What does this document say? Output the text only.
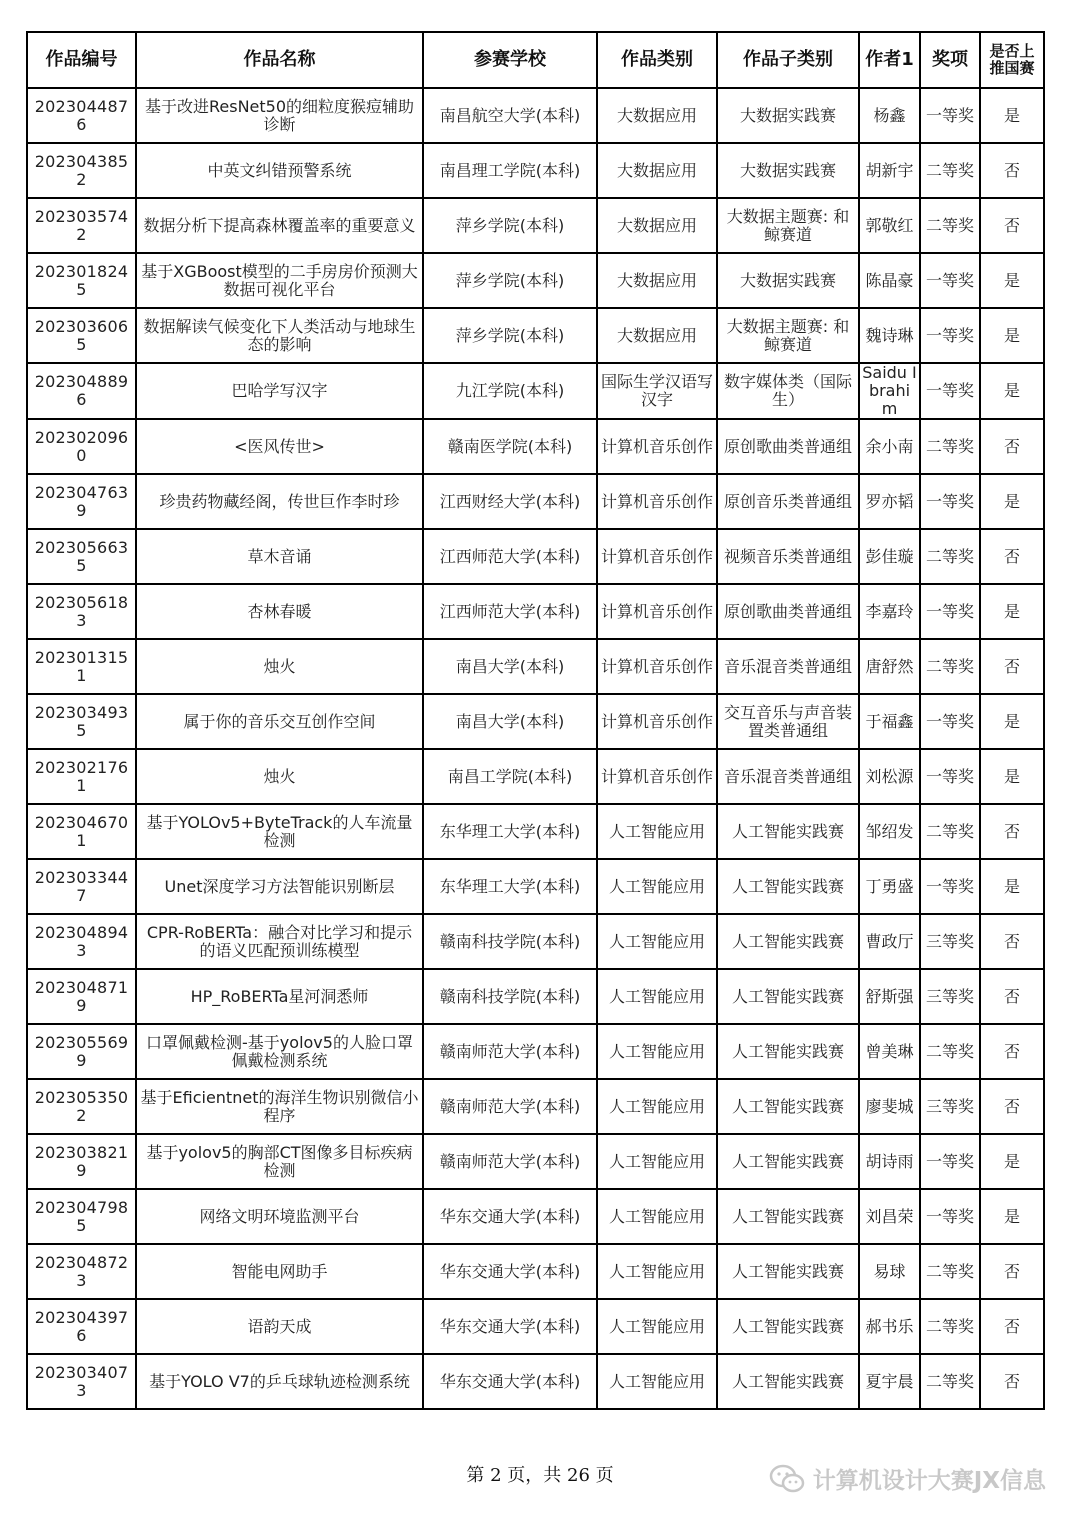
作品编号	作品名称	参赛学校	作品类别	作品子类别	作者1	奖项	是否上推国赛
2023044876	基于改进ResNet50的细粒度猴痘辅助诊断	南昌航空大学(本科)	大数据应用	大数据实践赛	杨鑫	一等奖	是
2023043852	中英文纠错预警系统	南昌理工学院(本科)	大数据应用	大数据实践赛	胡新宇	二等奖	否
2023035742	数据分析下提高森林覆盖率的重要意义	萍乡学院(本科)	大数据应用	大数据主题赛: 和鲸赛道	郭敬红	二等奖	否
2023018245	基于XGBoost模型的二手房房价预测大数据可视化平台	萍乡学院(本科)	大数据应用	大数据实践赛	陈晶豪	一等奖	是
2023036065	数据解读气候变化下人类活动与地球生态的影响	萍乡学院(本科)	大数据应用	大数据主题赛: 和鲸赛道	魏诗琳	一等奖	是
2023048896	巴哈学写汉字	九江学院(本科)	国际生学汉语写汉字	数字媒体类（国际生）	Saidu Ibrahim	一等奖	是
2023020960	<医风传世>	赣南医学院(本科)	计算机音乐创作	原创歌曲类普通组	余小南	二等奖	否
2023047639	珍贵药物藏经阁，传世巨作李时珍	江西财经大学(本科)	计算机音乐创作	原创音乐类普通组	罗亦韬	一等奖	是
2023056635	草木音诵	江西师范大学(本科)	计算机音乐创作	视频音乐类普通组	彭佳璇	二等奖	否
2023056183	杏林春暖	江西师范大学(本科)	计算机音乐创作	原创歌曲类普通组	李嘉玲	一等奖	是
2023013151	烛火	南昌大学(本科)	计算机音乐创作	音乐混音类普通组	唐舒然	二等奖	否
2023034935	属于你的音乐交互创作空间	南昌大学(本科)	计算机音乐创作	交互音乐与声音装置类普通组	于福鑫	一等奖	是
2023021761	烛火	南昌工学院(本科)	计算机音乐创作	音乐混音类普通组	刘松源	一等奖	是
2023046701	基于YOLOv5+ByteTrack的人车流量检测	东华理工大学(本科)	人工智能应用	人工智能实践赛	邹绍发	二等奖	否
2023033447	Unet深度学习方法智能识别断层	东华理工大学(本科)	人工智能应用	人工智能实践赛	丁勇盛	一等奖	是
2023048943	CPR-RoBERTa：融合对比学习和提示的语义匹配预训练模型	赣南科技学院(本科)	人工智能应用	人工智能实践赛	曹政厅	三等奖	否
2023048719	HP_RoBERTa星河洞悉师	赣南科技学院(本科)	人工智能应用	人工智能实践赛	舒斯强	三等奖	否
2023055699	口罩佩戴检测-基于yolov5的人脸口罩佩戴检测系统	赣南师范大学(本科)	人工智能应用	人工智能实践赛	曾美琳	二等奖	否
2023053502	基于Eficientnet的海洋生物识别微信小程序	赣南师范大学(本科)	人工智能应用	人工智能实践赛	廖斐城	三等奖	否
2023038219	基于yolov5的胸部CT图像多目标疾病检测	赣南师范大学(本科)	人工智能应用	人工智能实践赛	胡诗雨	一等奖	是
2023047985	网络文明环境监测平台	华东交通大学(本科)	人工智能应用	人工智能实践赛	刘昌荣	一等奖	是
2023048723	智能电网助手	华东交通大学(本科)	人工智能应用	人工智能实践赛	易球	二等奖	否
2023043976	语韵天成	华东交通大学(本科)	人工智能应用	人工智能实践赛	郝书乐	二等奖	否
2023034073	基于YOLO V7的乒乓球轨迹检测系统	华东交通大学(本科)	人工智能应用	人工智能实践赛	夏宇晨	二等奖	否
第 2 页，共 26 页	计算机设计大赛JX信息
